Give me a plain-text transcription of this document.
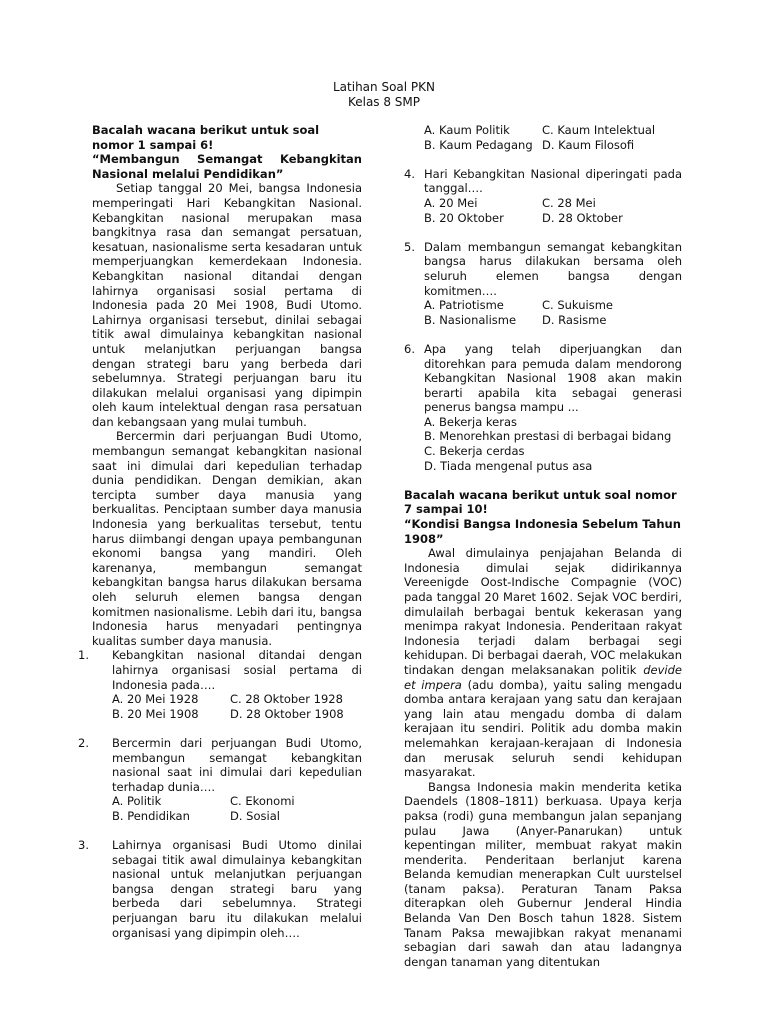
Latihan Soal PKN
Kelas 8 SMP

Bacalah wacana berikut untuk soal nomor 1 sampai 6!

“Membangun Semangat Kebangkitan Nasional melalui Pendidikan”

Setiap tanggal 20 Mei, bangsa Indonesia memperingati Hari Kebangkitan Nasional. Kebangkitan nasional merupakan masa bangkitnya rasa dan semangat persatuan, kesatuan, nasionalisme serta kesadaran untuk memperjuangkan kemerdekaan Indonesia. Kebangkitan nasional ditandai dengan lahirnya organisasi sosial pertama di Indonesia pada 20 Mei 1908, Budi Utomo. Lahirnya organisasi tersebut, dinilai sebagai titik awal dimulainya kebangkitan nasional untuk melanjutkan perjuangan bangsa dengan strategi baru yang berbeda dari sebelumnya. Strategi perjuangan baru itu dilakukan melalui organisasi yang dipimpin oleh kaum intelektual dengan rasa persatuan dan kebangsaan yang mulai tumbuh.

Bercermin dari perjuangan Budi Utomo, membangun semangat kebangkitan nasional saat ini dimulai dari kepedulian terhadap dunia pendidikan. Dengan demikian, akan tercipta sumber daya manusia yang berkualitas. Penciptaan sumber daya manusia Indonesia yang berkualitas tersebut, tentu harus diimbangi dengan upaya pembangunan ekonomi bangsa yang mandiri. Oleh karenanya, membangun semangat kebangkitan bangsa harus dilakukan bersama oleh seluruh elemen bangsa dengan komitmen nasionalisme. Lebih dari itu, bangsa Indonesia harus menyadari pentingnya kualitas sumber daya manusia.

1. Kebangkitan nasional ditandai dengan lahirnya organisasi sosial pertama di Indonesia pada….

A. 20 Mei 1928	C. 28 Oktober 1928
B. 20 Mei 1908	D. 28 Oktober 1908
2. Bercermin dari perjuangan Budi Utomo, membangun semangat kebangkitan nasional saat ini dimulai dari kepedulian terhadap dunia….

A. Politik	C. Ekonomi
B. Pendidikan	D. Sosial
3. Lahirnya organisasi Budi Utomo dinilai sebagai titik awal dimulainya kebangkitan nasional untuk melanjutkan perjuangan bangsa dengan strategi baru yang berbeda dari sebelumnya. Strategi perjuangan baru itu dilakukan melalui organisasi yang dipimpin oleh….

A. Kaum Politik	C. Kaum Intelektual
B. Kaum Pedagang D. Kaum Filosofi
4. Hari Kebangkitan Nasional diperingati pada tanggal….

A. 20 Mei	C. 28 Mei
B. 20 Oktober	D. 28 Oktober
5. Dalam membangun semangat kebangkitan bangsa harus dilakukan bersama oleh seluruh elemen bangsa dengan komitmen….

A. Patriotisme	C. Sukuisme
B. Nasionalisme	D. Rasisme
6. Apa yang telah diperjuangkan dan ditorehkan para pemuda dalam mendorong Kebangkitan Nasional 1908 akan makin berarti apabila kita sebagai generasi penerus bangsa mampu ...

A. Bekerja keras
B. Menorehkan prestasi di berbagai bidang
C. Bekerja cerdas
D. Tiada mengenal putus asa

Bacalah wacana berikut untuk soal nomor 7 sampai 10!

“Kondisi Bangsa Indonesia Sebelum Tahun 1908”

Awal dimulainya penjajahan Belanda di Indonesia dimulai sejak didirikannya Vereenigde Oost-Indische Compagnie (VOC) pada tanggal 20 Maret 1602. Sejak VOC berdiri, dimulailah berbagai bentuk kekerasan yang menimpa rakyat Indonesia. Penderitaan rakyat Indonesia terjadi dalam berbagai segi kehidupan. Di berbagai daerah, VOC melakukan tindakan dengan melaksanakan politik devide et impera (adu domba), yaitu saling mengadu domba antara kerajaan yang satu dan kerajaan yang lain atau mengadu domba di dalam kerajaan itu sendiri. Politik adu domba makin melemahkan kerajaan-kerajaan di Indonesia dan merusak seluruh sendi kehidupan masyarakat.

Bangsa Indonesia makin menderita ketika Daendels (1808–1811) berkuasa. Upaya kerja paksa (rodi) guna membangun jalan sepanjang pulau Jawa (Anyer-Panarukan) untuk kepentingan militer, membuat rakyat makin menderita. Penderitaan berlanjut karena Belanda kemudian menerapkan Cult uurstelsel (tanam paksa). Peraturan Tanam Paksa diterapkan oleh Gubernur Jenderal Hindia Belanda Van Den Bosch tahun 1828. Sistem Tanam Paksa mewajibkan rakyat menanami sebagian dari sawah dan atau ladangnya dengan tanaman yang ditentukan
